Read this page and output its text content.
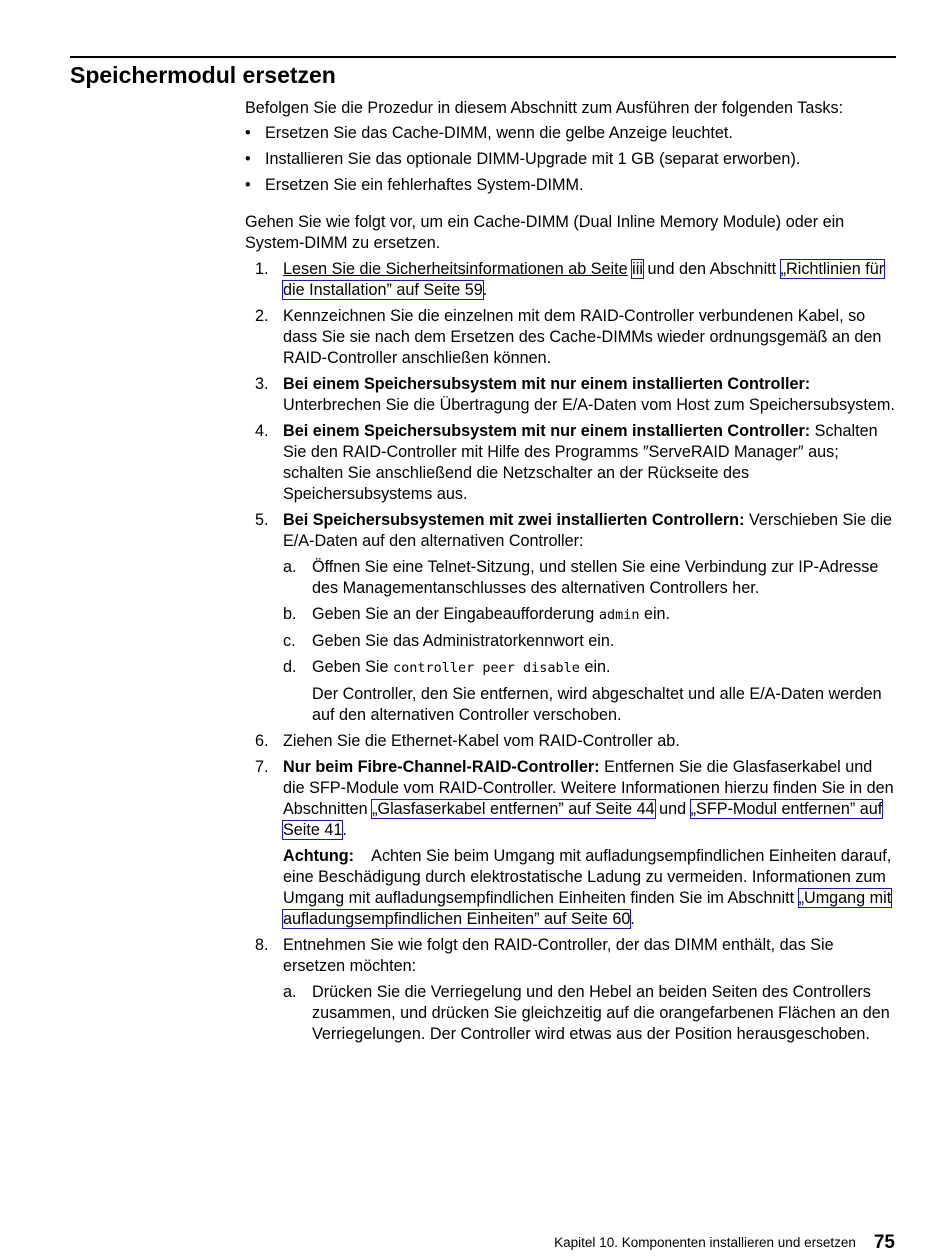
Speichermodul ersetzen

Befolgen Sie die Prozedur in diesem Abschnitt zum Ausführen der folgenden Tasks:

• Ersetzen Sie das Cache-DIMM, wenn die gelbe Anzeige leuchtet.
• Installieren Sie das optionale DIMM-Upgrade mit 1 GB (separat erworben).
• Ersetzen Sie ein fehlerhaftes System-DIMM.

Gehen Sie wie folgt vor, um ein Cache-DIMM (Dual Inline Memory Module) oder ein System-DIMM zu ersetzen.

1. Lesen Sie die Sicherheitsinformationen ab Seite iii und den Abschnitt „Richtlinien für die Installation” auf Seite 59.
2. Kennzeichnen Sie die einzelnen mit dem RAID-Controller verbundenen Kabel, so dass Sie sie nach dem Ersetzen des Cache-DIMMs wieder ordnungsgemäß an den RAID-Controller anschließen können.
3. Bei einem Speichersubsystem mit nur einem installierten Controller: Unterbrechen Sie die Übertragung der E/A-Daten vom Host zum Speichersubsystem.
4. Bei einem Speichersubsystem mit nur einem installierten Controller: Schalten Sie den RAID-Controller mit Hilfe des Programms ″ServeRAID Manager″ aus; schalten Sie anschließend die Netzschalter an der Rückseite des Speichersubsystems aus.
5. Bei Speichersubsystemen mit zwei installierten Controllern: Verschieben Sie die E/A-Daten auf den alternativen Controller:
a. Öffnen Sie eine Telnet-Sitzung, und stellen Sie eine Verbindung zur IP-Adresse des Managementanschlusses des alternativen Controllers her.
b. Geben Sie an der Eingabeaufforderung admin ein.
c. Geben Sie das Administratorkennwort ein.
d. Geben Sie controller peer disable ein.

Der Controller, den Sie entfernen, wird abgeschaltet und alle E/A-Daten werden auf den alternativen Controller verschoben.

6. Ziehen Sie die Ethernet-Kabel vom RAID-Controller ab.
7. Nur beim Fibre-Channel-RAID-Controller: Entfernen Sie die Glasfaserkabel und die SFP-Module vom RAID-Controller. Weitere Informationen hierzu finden Sie in den Abschnitten „Glasfaserkabel entfernen” auf Seite 44 und „SFP-Modul entfernen” auf Seite 41.

Achtung: Achten Sie beim Umgang mit aufladungsempfindlichen Einheiten darauf, eine Beschädigung durch elektrostatische Ladung zu vermeiden. Informationen zum Umgang mit aufladungsempfindlichen Einheiten finden Sie im Abschnitt „Umgang mit aufladungsempfindlichen Einheiten” auf Seite 60.

8. Entnehmen Sie wie folgt den RAID-Controller, der das DIMM enthält, das Sie ersetzen möchten:
a. Drücken Sie die Verriegelung und den Hebel an beiden Seiten des Controllers zusammen, und drücken Sie gleichzeitig auf die orangefarbenen Flächen an den Verriegelungen. Der Controller wird etwas aus der Position herausgeschoben.
Kapitel 10. Komponenten installieren und ersetzen 75
